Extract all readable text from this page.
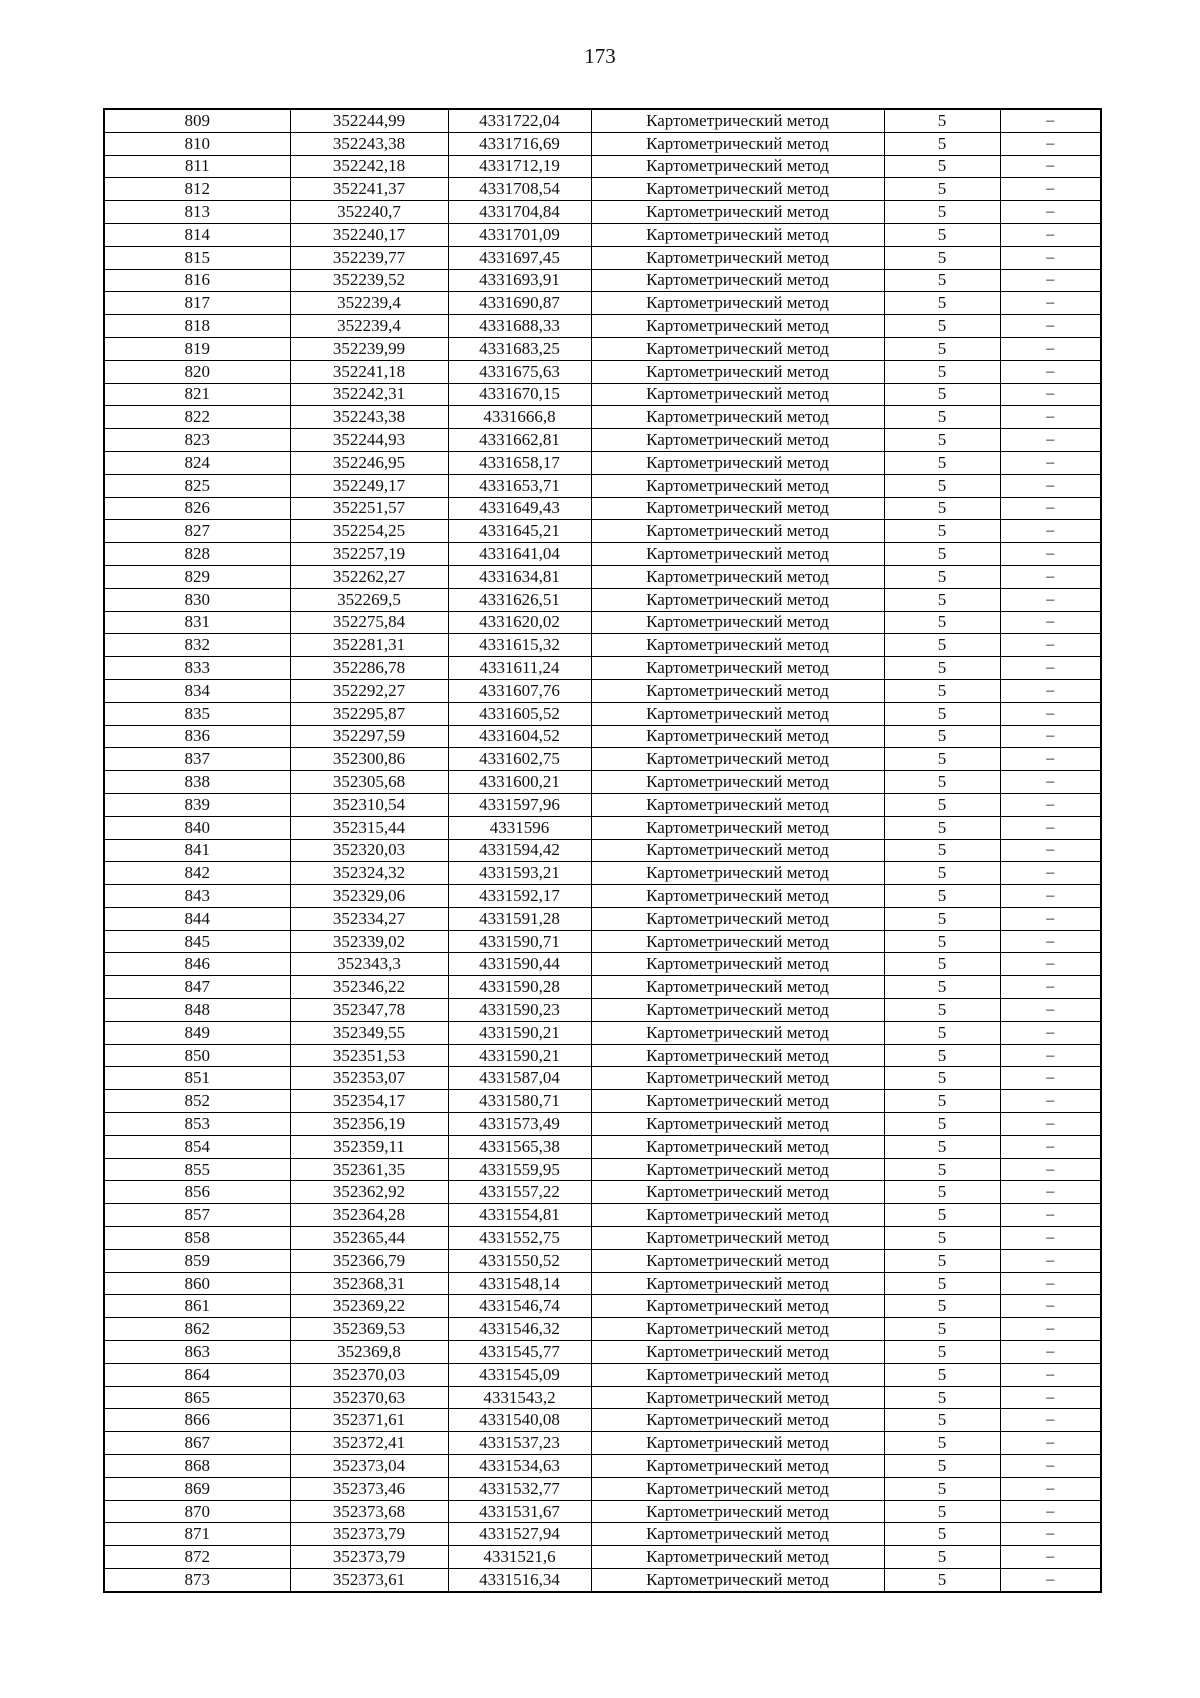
173
809	352244,99	4331722,04	Картометрический метод	5	–
810	352243,38	4331716,69	Картометрический метод	5	–
811	352242,18	4331712,19	Картометрический метод	5	–
812	352241,37	4331708,54	Картометрический метод	5	–
813	352240,7	4331704,84	Картометрический метод	5	–
814	352240,17	4331701,09	Картометрический метод	5	–
815	352239,77	4331697,45	Картометрический метод	5	–
816	352239,52	4331693,91	Картометрический метод	5	–
817	352239,4	4331690,87	Картометрический метод	5	–
818	352239,4	4331688,33	Картометрический метод	5	–
819	352239,99	4331683,25	Картометрический метод	5	–
820	352241,18	4331675,63	Картометрический метод	5	–
821	352242,31	4331670,15	Картометрический метод	5	–
822	352243,38	4331666,8	Картометрический метод	5	–
823	352244,93	4331662,81	Картометрический метод	5	–
824	352246,95	4331658,17	Картометрический метод	5	–
825	352249,17	4331653,71	Картометрический метод	5	–
826	352251,57	4331649,43	Картометрический метод	5	–
827	352254,25	4331645,21	Картометрический метод	5	–
828	352257,19	4331641,04	Картометрический метод	5	–
829	352262,27	4331634,81	Картометрический метод	5	–
830	352269,5	4331626,51	Картометрический метод	5	–
831	352275,84	4331620,02	Картометрический метод	5	–
832	352281,31	4331615,32	Картометрический метод	5	–
833	352286,78	4331611,24	Картометрический метод	5	–
834	352292,27	4331607,76	Картометрический метод	5	–
835	352295,87	4331605,52	Картометрический метод	5	–
836	352297,59	4331604,52	Картометрический метод	5	–
837	352300,86	4331602,75	Картометрический метод	5	–
838	352305,68	4331600,21	Картометрический метод	5	–
839	352310,54	4331597,96	Картометрический метод	5	–
840	352315,44	4331596	Картометрический метод	5	–
841	352320,03	4331594,42	Картометрический метод	5	–
842	352324,32	4331593,21	Картометрический метод	5	–
843	352329,06	4331592,17	Картометрический метод	5	–
844	352334,27	4331591,28	Картометрический метод	5	–
845	352339,02	4331590,71	Картометрический метод	5	–
846	352343,3	4331590,44	Картометрический метод	5	–
847	352346,22	4331590,28	Картометрический метод	5	–
848	352347,78	4331590,23	Картометрический метод	5	–
849	352349,55	4331590,21	Картометрический метод	5	–
850	352351,53	4331590,21	Картометрический метод	5	–
851	352353,07	4331587,04	Картометрический метод	5	–
852	352354,17	4331580,71	Картометрический метод	5	–
853	352356,19	4331573,49	Картометрический метод	5	–
854	352359,11	4331565,38	Картометрический метод	5	–
855	352361,35	4331559,95	Картометрический метод	5	–
856	352362,92	4331557,22	Картометрический метод	5	–
857	352364,28	4331554,81	Картометрический метод	5	–
858	352365,44	4331552,75	Картометрический метод	5	–
859	352366,79	4331550,52	Картометрический метод	5	–
860	352368,31	4331548,14	Картометрический метод	5	–
861	352369,22	4331546,74	Картометрический метод	5	–
862	352369,53	4331546,32	Картометрический метод	5	–
863	352369,8	4331545,77	Картометрический метод	5	–
864	352370,03	4331545,09	Картометрический метод	5	–
865	352370,63	4331543,2	Картометрический метод	5	–
866	352371,61	4331540,08	Картометрический метод	5	–
867	352372,41	4331537,23	Картометрический метод	5	–
868	352373,04	4331534,63	Картометрический метод	5	–
869	352373,46	4331532,77	Картометрический метод	5	–
870	352373,68	4331531,67	Картометрический метод	5	–
871	352373,79	4331527,94	Картометрический метод	5	–
872	352373,79	4331521,6	Картометрический метод	5	–
873	352373,61	4331516,34	Картометрический метод	5	–
